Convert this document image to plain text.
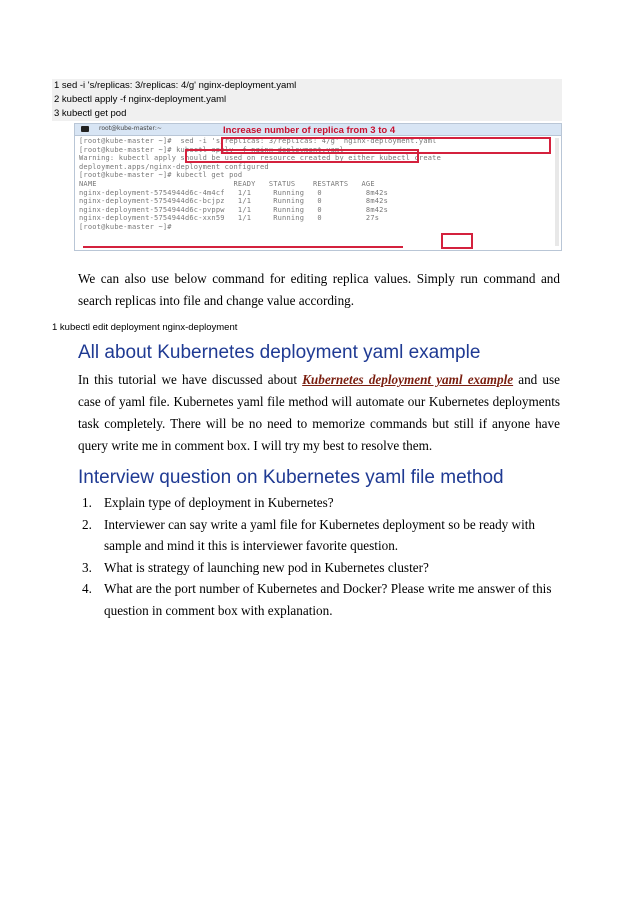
1 sed -i 's/replicas: 3/replicas: 4/g' nginx-deployment.yaml
2 kubectl apply -f nginx-deployment.yaml
3 kubectl get pod
root@kube-master:~	Increase number of replica from 3 to 4
[root@kube-master ~]#  sed -i 's/replicas: 3/replicas: 4/g' nginx-deployment.yaml
[root@kube-master ~]# kubectl apply -f nginx-deployment.yaml
Warning: kubectl apply should be used on resource created by either kubectl create
deployment.apps/nginx-deployment configured
[root@kube-master ~]# kubectl get pod
NAME                               READY   STATUS    RESTARTS   AGE
nginx-deployment-5754944d6c-4m4cf   1/1     Running   0          8m42s
nginx-deployment-5754944d6c-bcjpz   1/1     Running   0          8m42s
nginx-deployment-5754944d6c-pvppw   1/1     Running   0          8m42s
nginx-deployment-5754944d6c-xxn59   1/1     Running   0          27s
[root@kube-master ~]#
We can also use below command for editing replica values. Simply run command and search replicas into file and change value according.
1 kubectl edit deployment nginx-deployment
All about Kubernetes deployment yaml example
In this tutorial we have discussed about Kubernetes deployment yaml example and use case of yaml file. Kubernetes yaml file method will automate our Kubernetes deployments task completely. There will be no need to memorize commands but still if anyone have query write me in comment box. I will try my best to resolve them.
Interview question on Kubernetes yaml file method
1. Explain type of deployment in Kubernetes?
2. Interviewer can say write a yaml file for Kubernetes deployment so be ready with sample and mind it this is interviewer favorite question.
3. What is strategy of launching new pod in Kubernetes cluster?
4. What are the port number of Kubernetes and Docker? Please write me answer of this question in comment box with explanation.
